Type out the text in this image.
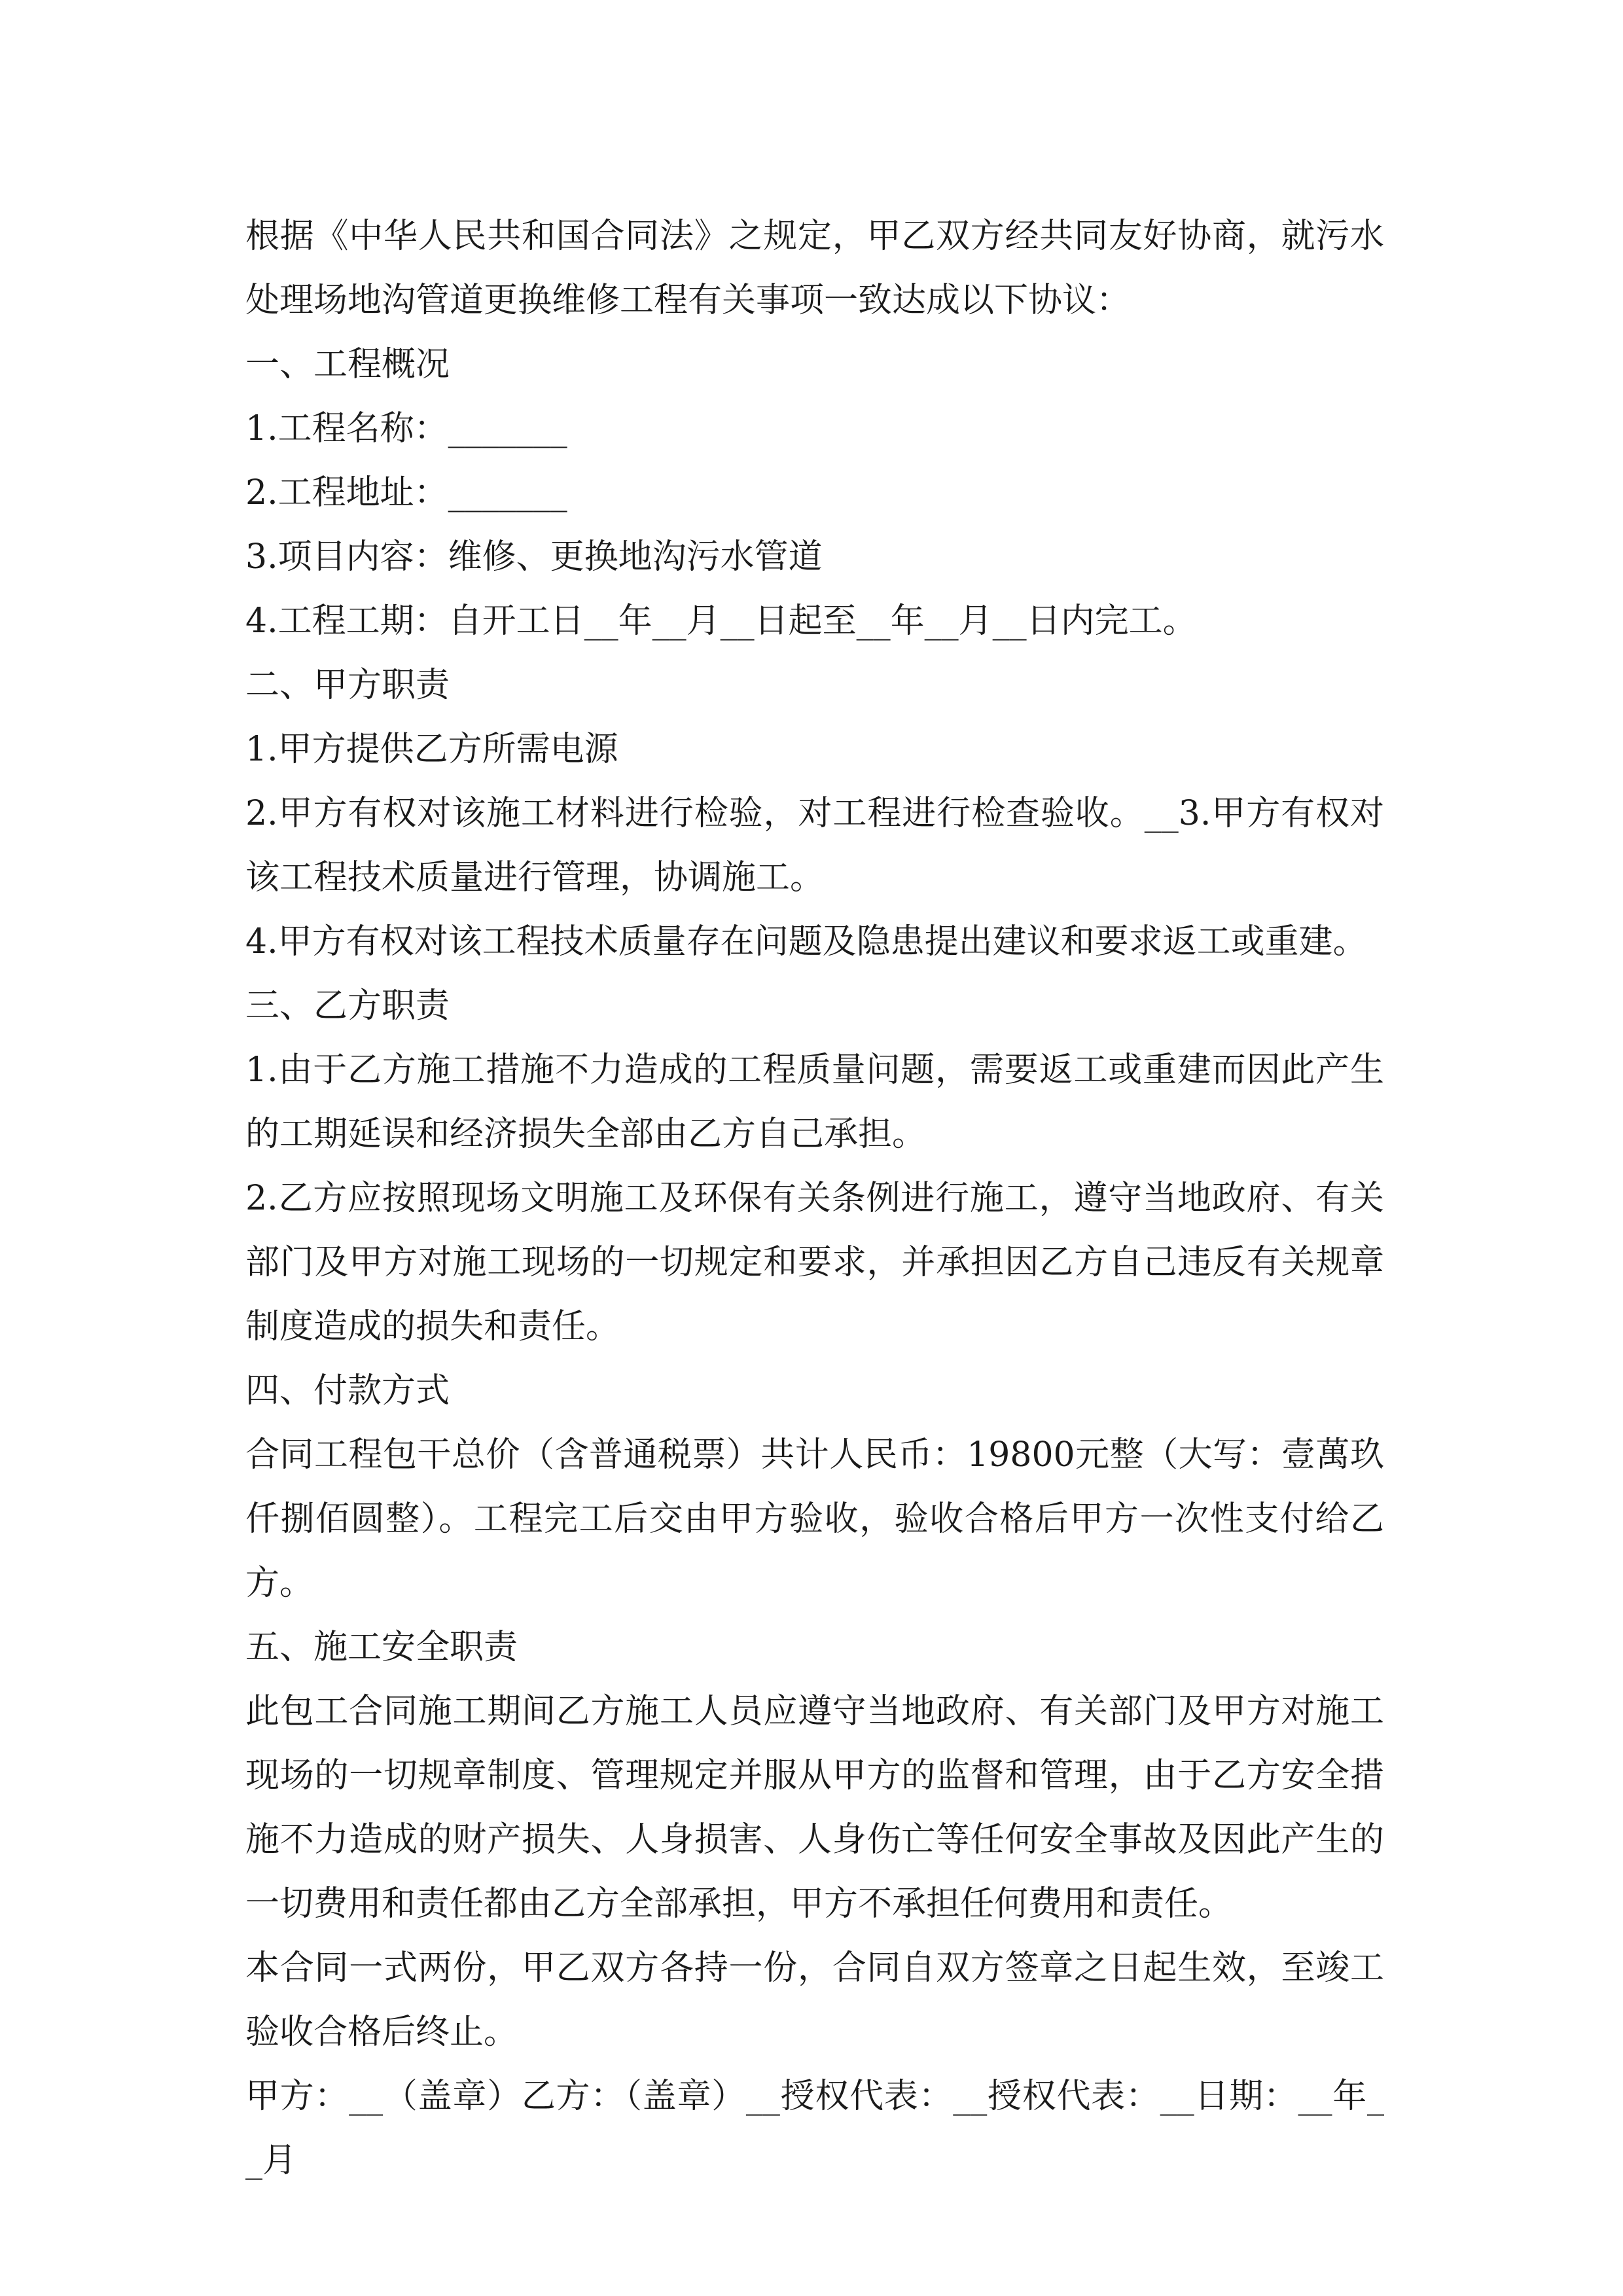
根据《中华人民共和国合同法》之规定，甲乙双方经共同友好协商，就污水处理场地沟管道更换维修工程有关事项一致达成以下协议：

一、工程概况

1.工程名称：_______

2.工程地址：_______

3.项目内容：维修、更换地沟污水管道

4.工程工期：自开工日__年__月__日起至__年__月__日内完工。

二、甲方职责

1.甲方提供乙方所需电源

2.甲方有权对该施工材料进行检验，对工程进行检查验收。__3.甲方有权对该工程技术质量进行管理，协调施工。

4.甲方有权对该工程技术质量存在问题及隐患提出建议和要求返工或重建。

三、乙方职责

1.由于乙方施工措施不力造成的工程质量问题，需要返工或重建而因此产生的工期延误和经济损失全部由乙方自己承担。

2.乙方应按照现场文明施工及环保有关条例进行施工，遵守当地政府、有关部门及甲方对施工现场的一切规定和要求，并承担因乙方自己违反有关规章制度造成的损失和责任。

四、付款方式

合同工程包干总价（含普通税票）共计人民币：19800元整（大写：壹萬玖仟捌佰圆整）。工程完工后交由甲方验收，验收合格后甲方一次性支付给乙方。

五、施工安全职责

此包工合同施工期间乙方施工人员应遵守当地政府、有关部门及甲方对施工现场的一切规章制度、管理规定并服从甲方的监督和管理，由于乙方安全措施不力造成的财产损失、人身损害、人身伤亡等任何安全事故及因此产生的一切费用和责任都由乙方全部承担，甲方不承担任何费用和责任。

本合同一式两份，甲乙双方各持一份，合同自双方签章之日起生效，至竣工验收合格后终止。

甲方：__（盖章）乙方：（盖章）__授权代表：__授权代表：__日期：__年__月
